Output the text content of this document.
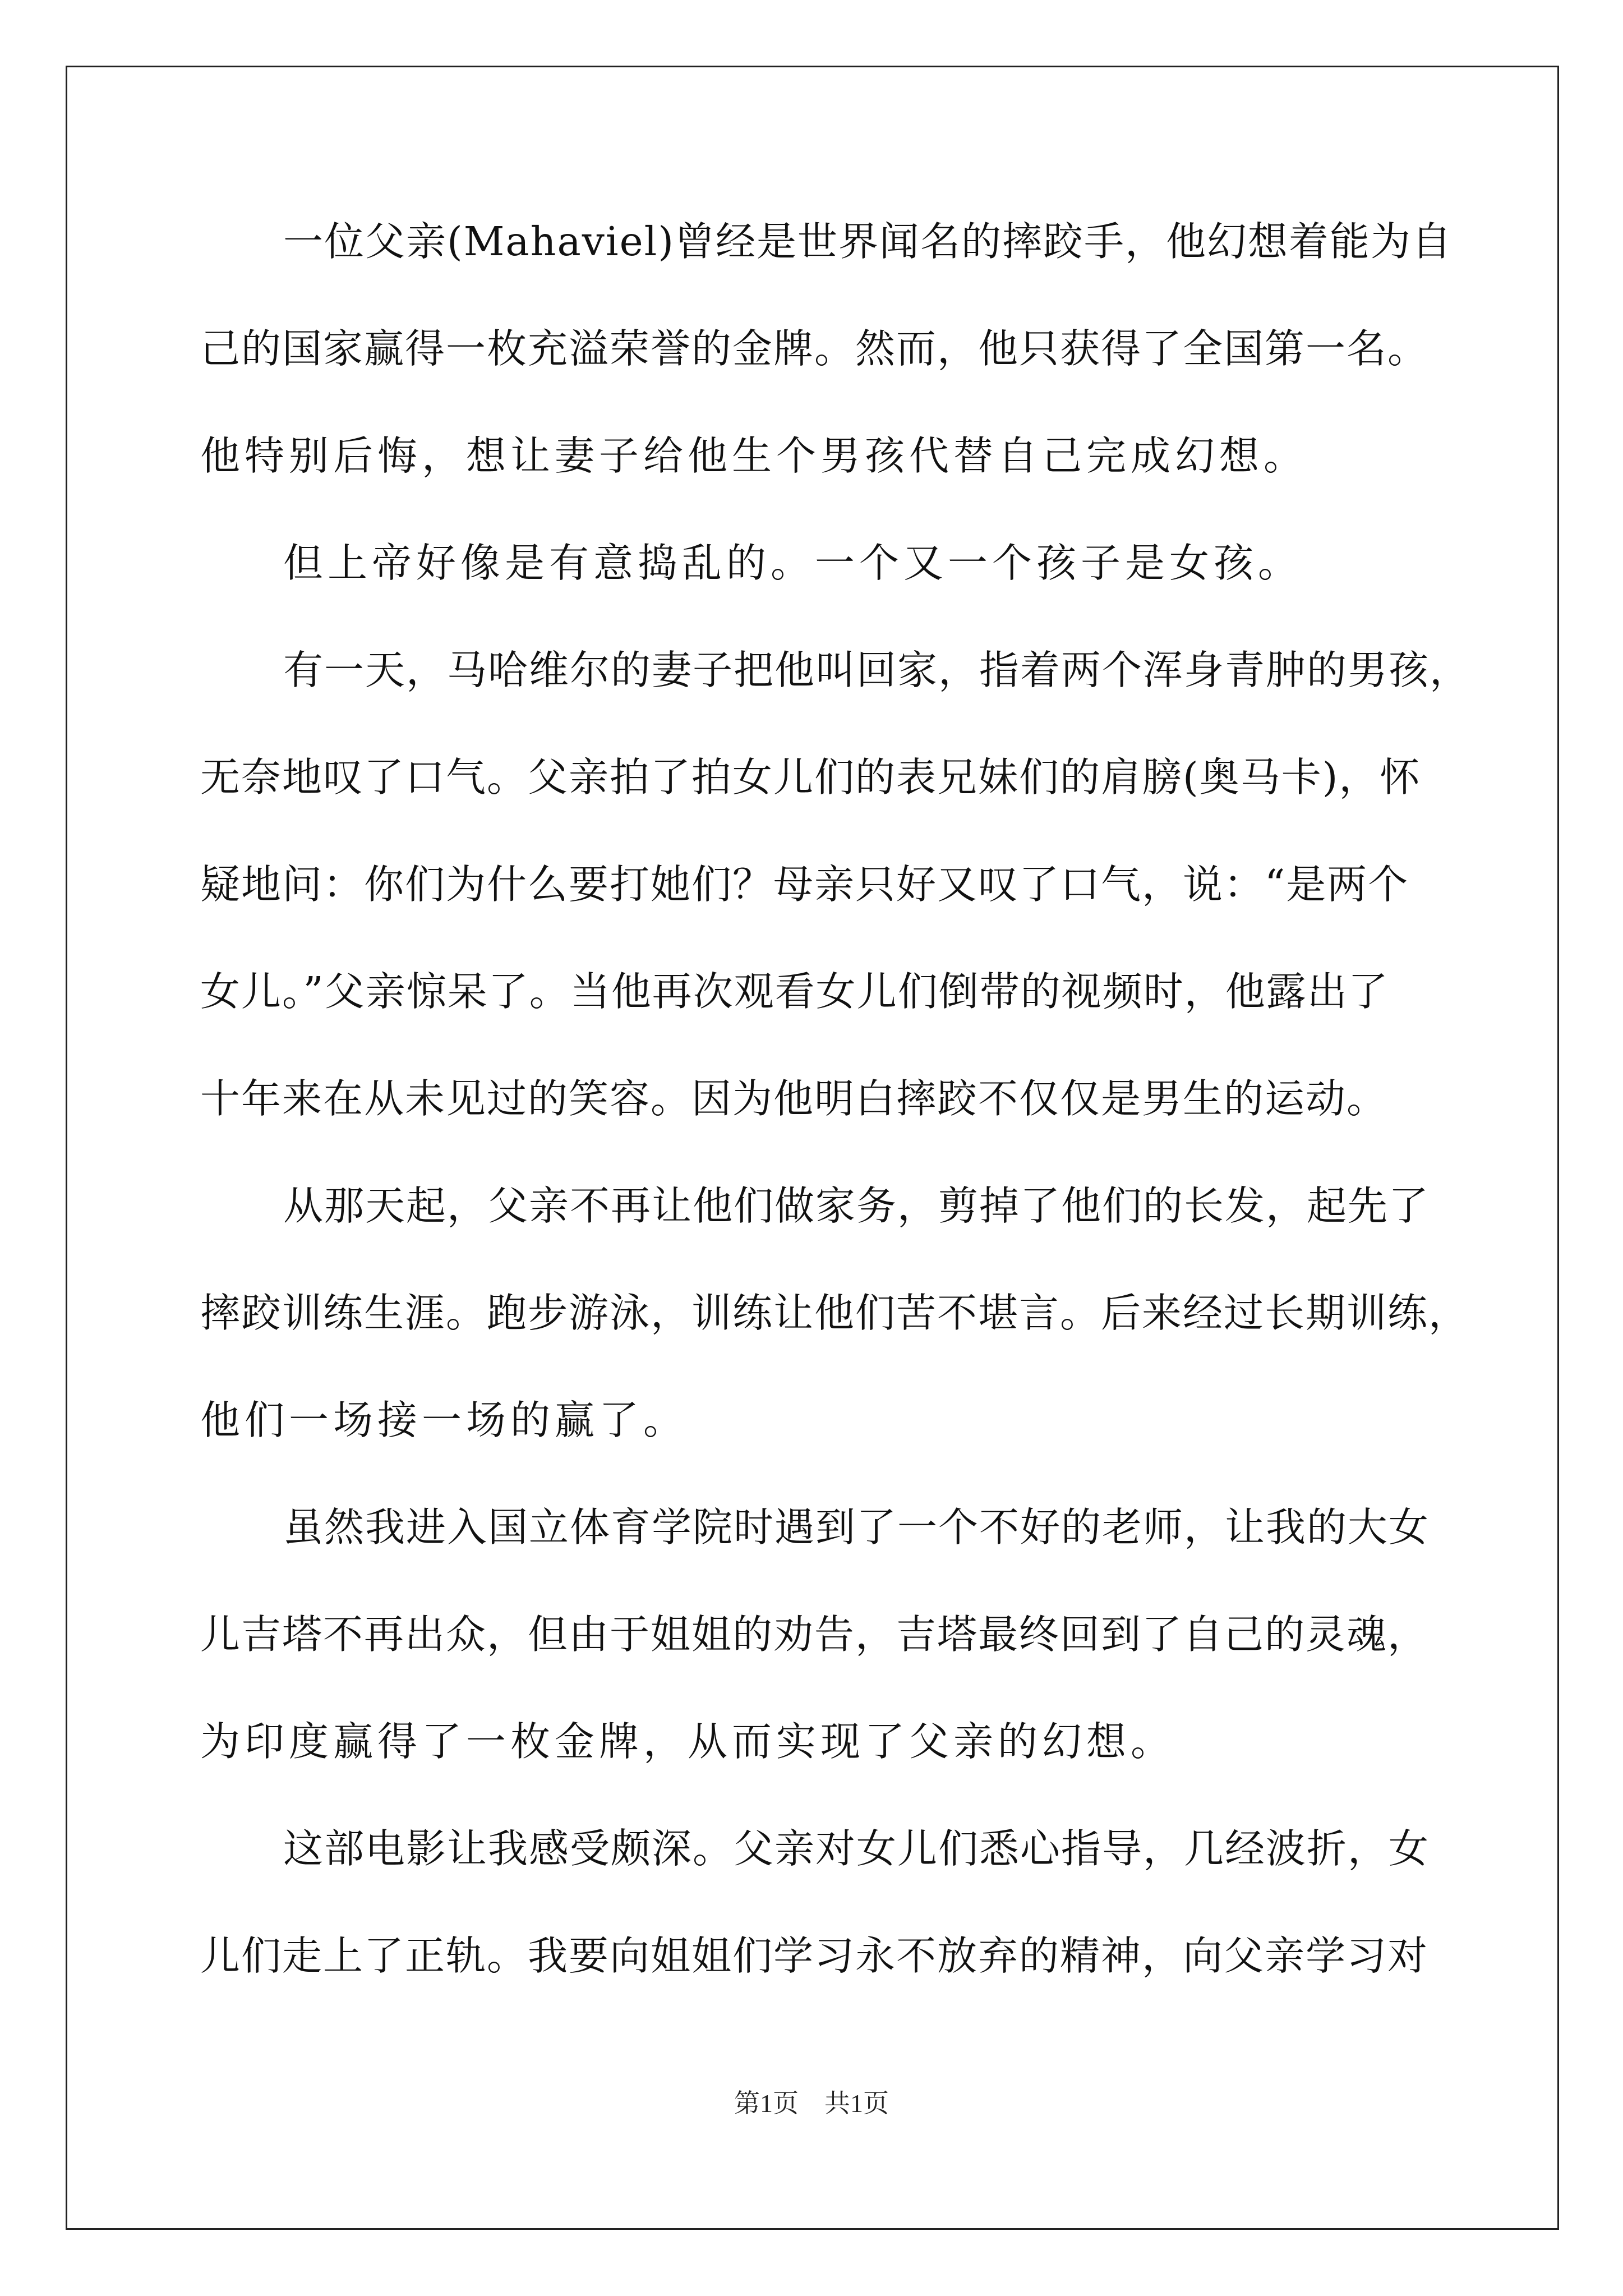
一位父亲(Mahaviel)曾经是世界闻名的摔跤手，他幻想着能为自
己的国家赢得一枚充溢荣誉的金牌。然而，他只获得了全国第一名。
他特别后悔，想让妻子给他生个男孩代替自己完成幻想。
但上帝好像是有意捣乱的。一个又一个孩子是女孩。
有一天，马哈维尔的妻子把他叫回家，指着两个浑身青肿的男孩，
无奈地叹了口气。父亲拍了拍女儿们的表兄妹们的肩膀(奥马卡)，怀
疑地问：你们为什么要打她们？母亲只好又叹了口气，说：“是两个
女儿。”父亲惊呆了。当他再次观看女儿们倒带的视频时，他露出了
十年来在从未见过的笑容。因为他明白摔跤不仅仅是男生的运动。
从那天起，父亲不再让他们做家务，剪掉了他们的长发，起先了
摔跤训练生涯。跑步游泳，训练让他们苦不堪言。后来经过长期训练，
他们一场接一场的赢了。
虽然我进入国立体育学院时遇到了一个不好的老师，让我的大女
儿吉塔不再出众，但由于姐姐的劝告，吉塔最终回到了自己的灵魂，
为印度赢得了一枚金牌，从而实现了父亲的幻想。
这部电影让我感受颇深。父亲对女儿们悉心指导，几经波折，女
儿们走上了正轨。我要向姐姐们学习永不放弃的精神，向父亲学习对
第1页　共1页
